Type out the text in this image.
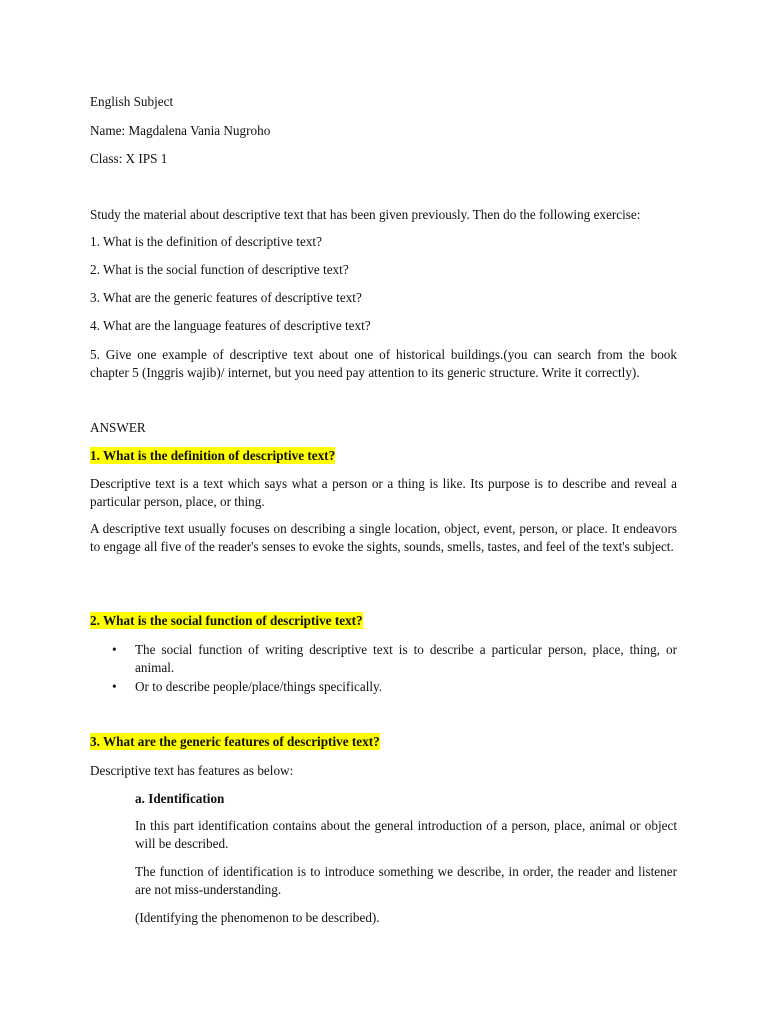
English Subject
Name: Magdalena Vania Nugroho
Class: X IPS 1
Study the material about descriptive text that has been given previously. Then do the following exercise:
1. What is the definition of descriptive text?
2. What is the social function of descriptive text?
3. What are the generic features of descriptive text?
4. What are the language features of descriptive text?
5. Give one example of descriptive text about one of historical buildings.(you can search from the book chapter 5 (Inggris wajib)/ internet, but you need pay attention to its generic structure. Write it correctly).
ANSWER
1. What is the definition of descriptive text?
Descriptive text is a text which says what a person or a thing is like. Its purpose is to describe and reveal a particular person, place, or thing.
A descriptive text usually focuses on describing a single location, object, event, person, or place. It endeavors to engage all five of the reader's senses to evoke the sights, sounds, smells, tastes, and feel of the text's subject.
2. What is the social function of descriptive text?
• The social function of writing descriptive text is to describe a particular person, place, thing, or animal.
• Or to describe people/place/things specifically.
3. What are the generic features of descriptive text?
Descriptive text has features as below:
a. Identification
In this part identification contains about the general introduction of a person, place, animal or object will be described.
The function of identification is to introduce something we describe, in order, the reader and listener are not miss-understanding.
(Identifying the phenomenon to be described).
